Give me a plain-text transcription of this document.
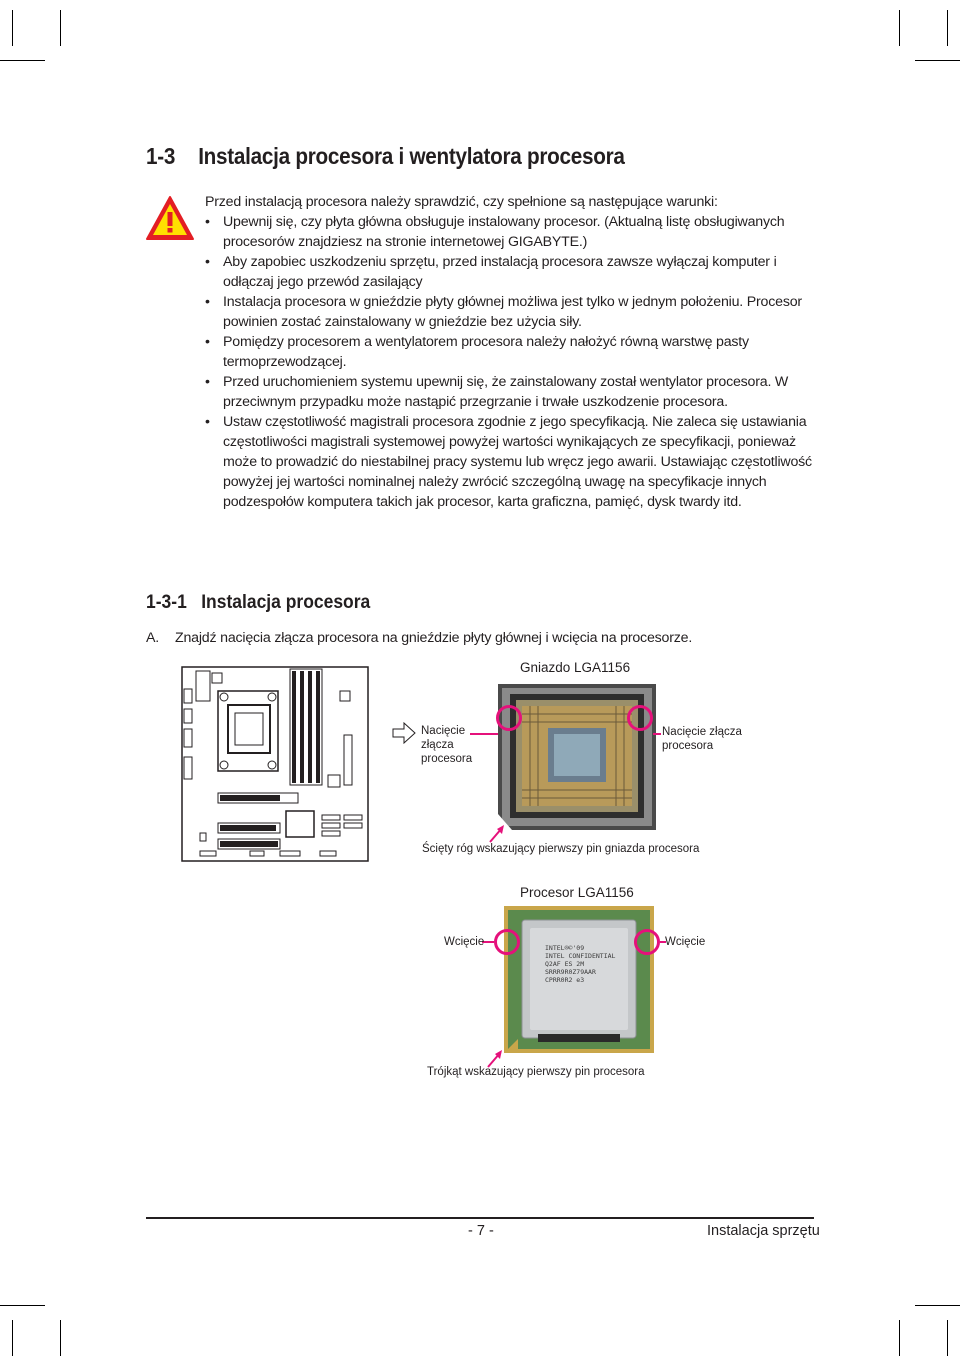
1-3 Instalacja procesora i wentylatora procesora
Przed instalacją procesora należy sprawdzić, czy spełnione są następujące warunki:
• Upewnij się, czy płyta główna obsługuje instalowany procesor. (Aktualną listę obsługiwanych procesorów znajdziesz na stronie internetowej GIGABYTE.)
• Aby zapobiec uszkodzeniu sprzętu, przed instalacją procesora zawsze wyłączaj komputer i odłączaj jego przewód zasilający
• Instalacja procesora w gnieździe płyty głównej możliwa jest tylko w jednym położeniu. Procesor powinien zostać zainstalowany w gnieździe bez użycia siły.
• Pomiędzy procesorem a wentylatorem procesora należy nałożyć równą warstwę pasty termoprzewodzącej.
• Przed uruchomieniem systemu upewnij się, że zainstalowany został wentylator procesora. W przeciwnym przypadku może nastąpić przegrzanie i trwałe uszkodzenie procesora.
• Ustaw częstotliwość magistrali procesora zgodnie z jego specyfikacją. Nie zaleca się ustawiania częstotliwości magistrali systemowej powyżej wartości wynikających ze specyfikacji, ponieważ może to prowadzić do niestabilnej pracy systemu lub wręcz jego awarii. Ustawiając częstotliwość powyżej jej wartości nominalnej należy zwrócić szczególną uwagę na specyfikacje innych podzespołów komputera takich jak procesor, karta graficzna, pamięć, dysk twardy itd.
1-3-1 Instalacja procesora
A. Znajdź nacięcia złącza procesora na gnieździe płyty głównej i wcięcia na procesorze.
Gniazdo LGA1156
Nacięcie złącza procesora
Nacięcie złącza procesora
Ścięty róg wskazujący pierwszy pin gniazda procesora
Procesor LGA1156
INTEL®©'09
INTEL CONFIDENTIAL
Q2AF ES 2M
SRRR9R0Z79AAR
CPRR0R2 e3
Wcięcie	Wcięcie
Trójkąt wskazujący pierwszy pin procesora
- 7 -	Instalacja sprzętu
